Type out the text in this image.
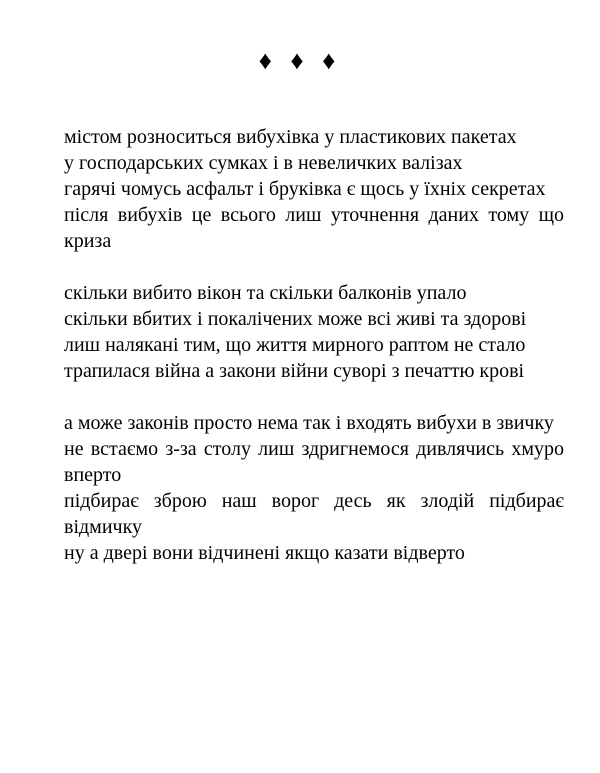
♦ ♦ ♦
містом розноситься вибухівка у пластикових пакетах
у господарських сумках і в невеличких валізах
гарячі чомусь асфальт і бруківка є щось у їхніх секретах
після вибухів це всього лиш уточнення даних тому що
криза
скільки вибито вікон та скільки балконів упало
скільки вбитих і покалічених може всі живі та здорові
лиш налякані тим, що життя мирного раптом не стало
трапилася війна а закони війни суворі з печаттю крові
а може законів просто нема так і входять вибухи в звичку
не встаємо з-за столу лиш здригнемося дивлячись хмуро
вперто
підбирає зброю наш ворог десь як злодій підбирає
відмичку
ну а двері вони відчинені якщо казати відверто
